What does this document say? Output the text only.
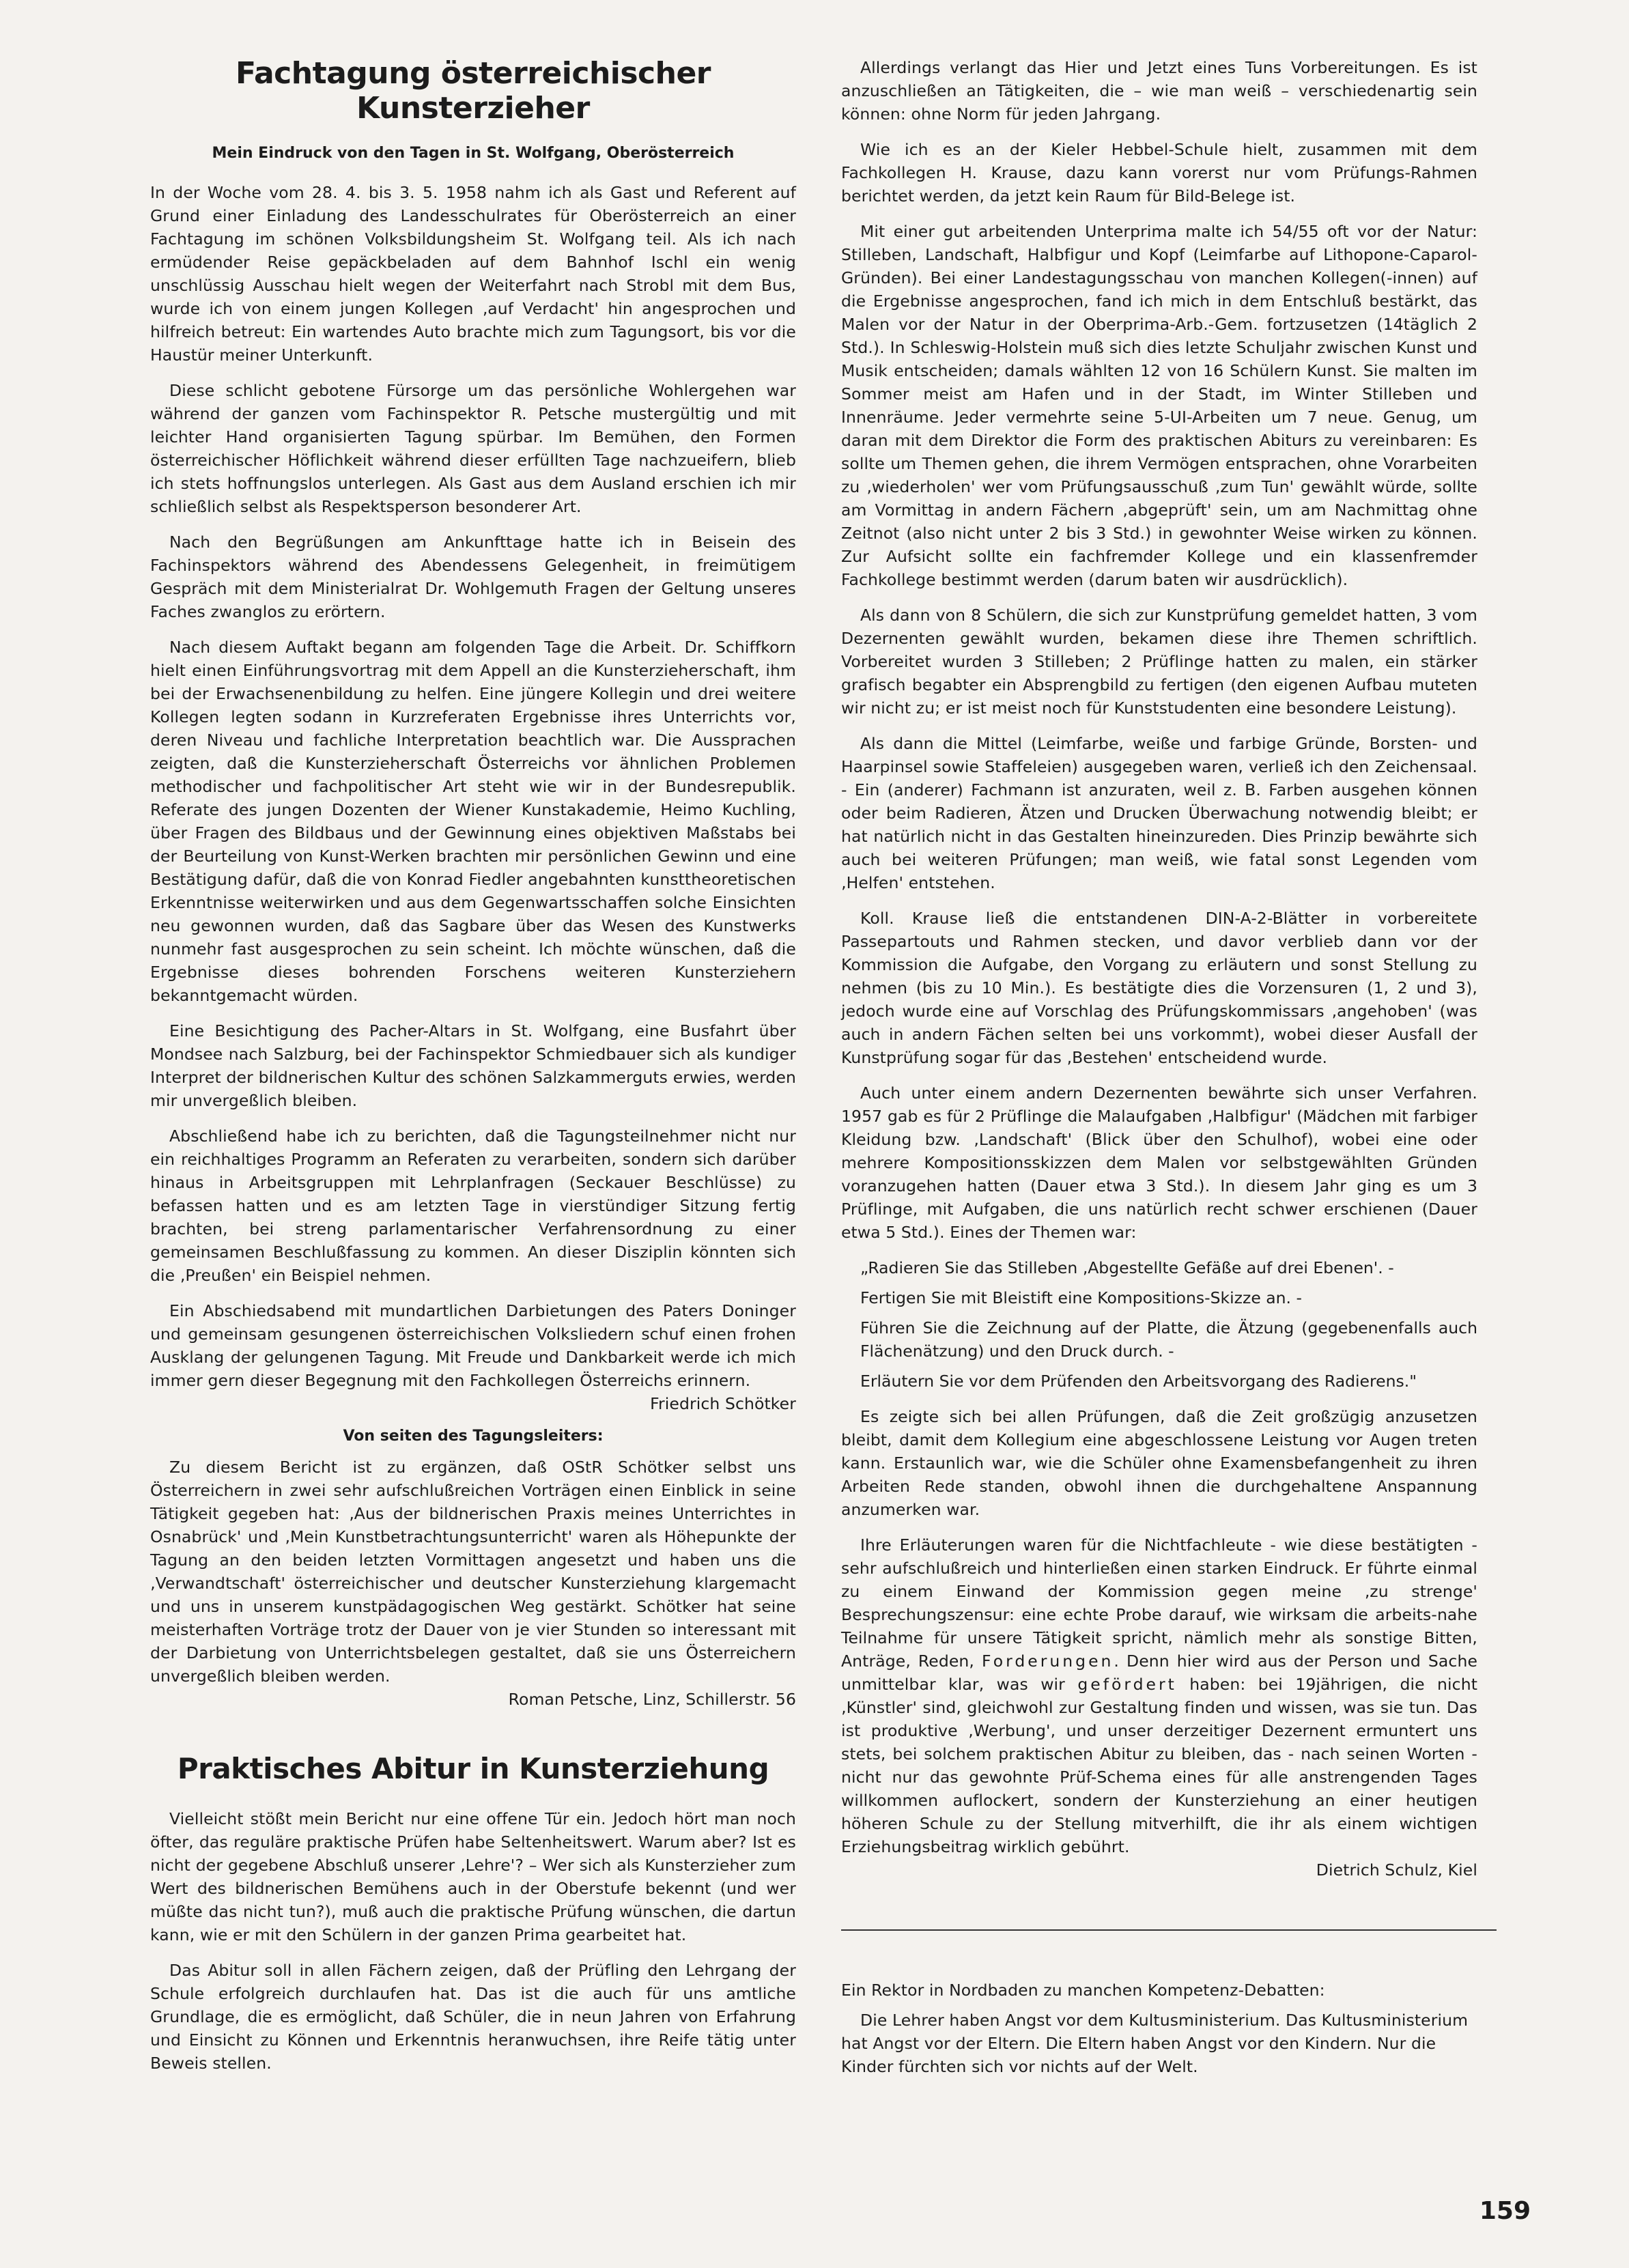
Fachtagung österreichischer Kunsterzieher
Mein Eindruck von den Tagen in St. Wolfgang, Oberösterreich

In der Woche vom 28. 4. bis 3. 5. 1958 nahm ich als Gast und Referent auf Grund einer Einladung des Landesschulrates für Oberösterreich an einer Fachtagung im schönen Volksbildungsheim St. Wolfgang teil. Als ich nach ermüdender Reise gepäckbeladen auf dem Bahnhof Ischl ein wenig unschlüssig Ausschau hielt wegen der Weiterfahrt nach Strobl mit dem Bus, wurde ich von einem jungen Kollegen ‚auf Verdacht' hin angesprochen und hilfreich betreut: Ein wartendes Auto brachte mich zum Tagungsort, bis vor die Haustür meiner Unterkunft.

Diese schlicht gebotene Fürsorge um das persönliche Wohlergehen war während der ganzen vom Fachinspektor R. Petsche mustergültig und mit leichter Hand organisierten Tagung spürbar. Im Bemühen, den Formen österreichischer Höflichkeit während dieser erfüllten Tage nachzueifern, blieb ich stets hoffnungslos unterlegen. Als Gast aus dem Ausland erschien ich mir schließlich selbst als Respektsperson besonderer Art.

Nach den Begrüßungen am Ankunfttage hatte ich in Beisein des Fachinspektors während des Abendessens Gelegenheit, in freimütigem Gespräch mit dem Ministerialrat Dr. Wohlgemuth Fragen der Geltung unseres Faches zwanglos zu erörtern.

Nach diesem Auftakt begann am folgenden Tage die Arbeit. Dr. Schiffkorn hielt einen Einführungsvortrag mit dem Appell an die Kunsterzieherschaft, ihm bei der Erwachsenenbildung zu helfen. Eine jüngere Kollegin und drei weitere Kollegen legten sodann in Kurzreferaten Ergebnisse ihres Unterrichts vor, deren Niveau und fachliche Interpretation beachtlich war. Die Aussprachen zeigten, daß die Kunsterzieherschaft Österreichs vor ähnlichen Problemen methodischer und fachpolitischer Art steht wie wir in der Bundesrepublik. Referate des jungen Dozenten der Wiener Kunstakademie, Heimo Kuchling, über Fragen des Bildbaus und der Gewinnung eines objektiven Maßstabs bei der Beurteilung von Kunst-Werken brachten mir persönlichen Gewinn und eine Bestätigung dafür, daß die von Konrad Fiedler angebahnten kunsttheoretischen Erkenntnisse weiterwirken und aus dem Gegenwartsschaffen solche Einsichten neu gewonnen wurden, daß das Sagbare über das Wesen des Kunstwerks nunmehr fast ausgesprochen zu sein scheint. Ich möchte wünschen, daß die Ergebnisse dieses bohrenden Forschens weiteren Kunsterziehern bekanntgemacht würden.

Eine Besichtigung des Pacher-Altars in St. Wolfgang, eine Busfahrt über Mondsee nach Salzburg, bei der Fachinspektor Schmiedbauer sich als kundiger Interpret der bildnerischen Kultur des schönen Salzkammerguts erwies, werden mir unvergeßlich bleiben.

Abschließend habe ich zu berichten, daß die Tagungsteilnehmer nicht nur ein reichhaltiges Programm an Referaten zu verarbeiten, sondern sich darüber hinaus in Arbeitsgruppen mit Lehrplanfragen (Seckauer Beschlüsse) zu befassen hatten und es am letzten Tage in vierstündiger Sitzung fertig brachten, bei streng parlamentarischer Verfahrensordnung zu einer gemeinsamen Beschlußfassung zu kommen. An dieser Disziplin könnten sich die ‚Preußen' ein Beispiel nehmen.

Ein Abschiedsabend mit mundartlichen Darbietungen des Paters Doninger und gemeinsam gesungenen österreichischen Volksliedern schuf einen frohen Ausklang der gelungenen Tagung. Mit Freude und Dankbarkeit werde ich mich immer gern dieser Begegnung mit den Fachkollegen Österreichs erinnern.

Friedrich Schötker

Von seiten des Tagungsleiters:

Zu diesem Bericht ist zu ergänzen, daß OStR Schötker selbst uns Österreichern in zwei sehr aufschlußreichen Vorträgen einen Einblick in seine Tätigkeit gegeben hat: ‚Aus der bildnerischen Praxis meines Unterrichtes in Osnabrück' und ‚Mein Kunstbetrachtungsunterricht' waren als Höhepunkte der Tagung an den beiden letzten Vormittagen angesetzt und haben uns die ‚Verwandtschaft' österreichischer und deutscher Kunsterziehung klargemacht und uns in unserem kunstpädagogischen Weg gestärkt. Schötker hat seine meisterhaften Vorträge trotz der Dauer von je vier Stunden so interessant mit der Darbietung von Unterrichtsbelegen gestaltet, daß sie uns Österreichern unvergeßlich bleiben werden.

Roman Petsche, Linz, Schillerstr. 56

Praktisches Abitur in Kunsterziehung

Vielleicht stößt mein Bericht nur eine offene Tür ein. Jedoch hört man noch öfter, das reguläre praktische Prüfen habe Seltenheitswert. Warum aber? Ist es nicht der gegebene Abschluß unserer ‚Lehre'? – Wer sich als Kunsterzieher zum Wert des bildnerischen Bemühens auch in der Oberstufe bekennt (und wer müßte das nicht tun?), muß auch die praktische Prüfung wünschen, die dartun kann, wie er mit den Schülern in der ganzen Prima gearbeitet hat.

Das Abitur soll in allen Fächern zeigen, daß der Prüfling den Lehrgang der Schule erfolgreich durchlaufen hat. Das ist die auch für uns amtliche Grundlage, die es ermöglicht, daß Schüler, die in neun Jahren von Erfahrung und Einsicht zu Können und Erkenntnis heranwuchsen, ihre Reife tätig unter Beweis stellen.

Allerdings verlangt das Hier und Jetzt eines Tuns Vorbereitungen. Es ist anzuschließen an Tätigkeiten, die – wie man weiß – verschiedenartig sein können: ohne Norm für jeden Jahrgang.

Wie ich es an der Kieler Hebbel-Schule hielt, zusammen mit dem Fachkollegen H. Krause, dazu kann vorerst nur vom Prüfungs-Rahmen berichtet werden, da jetzt kein Raum für Bild-Belege ist.

Mit einer gut arbeitenden Unterprima malte ich 54/55 oft vor der Natur: Stilleben, Landschaft, Halbfigur und Kopf (Leimfarbe auf Lithopone-Caparol-Gründen). Bei einer Landestagungsschau von manchen Kollegen(-innen) auf die Ergebnisse angesprochen, fand ich mich in dem Entschluß bestärkt, das Malen vor der Natur in der Oberprima-Arb.-Gem. fortzusetzen (14täglich 2 Std.). In Schleswig-Holstein muß sich dies letzte Schuljahr zwischen Kunst und Musik entscheiden; damals wählten 12 von 16 Schülern Kunst. Sie malten im Sommer meist am Hafen und in der Stadt, im Winter Stilleben und Innenräume. Jeder vermehrte seine 5-UI-Arbeiten um 7 neue. Genug, um daran mit dem Direktor die Form des praktischen Abiturs zu vereinbaren: Es sollte um Themen gehen, die ihrem Vermögen entsprachen, ohne Vorarbeiten zu ‚wiederholen' wer vom Prüfungsausschuß ‚zum Tun' gewählt würde, sollte am Vormittag in andern Fächern ‚abgeprüft' sein, um am Nachmittag ohne Zeitnot (also nicht unter 2 bis 3 Std.) in gewohnter Weise wirken zu können. Zur Aufsicht sollte ein fachfremder Kollege und ein klassenfremder Fachkollege bestimmt werden (darum baten wir ausdrücklich).

Als dann von 8 Schülern, die sich zur Kunstprüfung gemeldet hatten, 3 vom Dezernenten gewählt wurden, bekamen diese ihre Themen schriftlich. Vorbereitet wurden 3 Stilleben; 2 Prüflinge hatten zu malen, ein stärker grafisch begabter ein Absprengbild zu fertigen (den eigenen Aufbau muteten wir nicht zu; er ist meist noch für Kunststudenten eine besondere Leistung).

Als dann die Mittel (Leimfarbe, weiße und farbige Gründe, Borsten- und Haarpinsel sowie Staffeleien) ausgegeben waren, verließ ich den Zeichensaal. - Ein (anderer) Fachmann ist anzuraten, weil z. B. Farben ausgehen können oder beim Radieren, Ätzen und Drucken Überwachung notwendig bleibt; er hat natürlich nicht in das Gestalten hineinzureden. Dies Prinzip bewährte sich auch bei weiteren Prüfungen; man weiß, wie fatal sonst Legenden vom ‚Helfen' entstehen.

Koll. Krause ließ die entstandenen DIN-A-2-Blätter in vorbereitete Passepartouts und Rahmen stecken, und davor verblieb dann vor der Kommission die Aufgabe, den Vorgang zu erläutern und sonst Stellung zu nehmen (bis zu 10 Min.). Es bestätigte dies die Vorzensuren (1, 2 und 3), jedoch wurde eine auf Vorschlag des Prüfungskommissars ‚angehoben' (was auch in andern Fächen selten bei uns vorkommt), wobei dieser Ausfall der Kunstprüfung sogar für das ‚Bestehen' entscheidend wurde.

Auch unter einem andern Dezernenten bewährte sich unser Verfahren. 1957 gab es für 2 Prüflinge die Malaufgaben ‚Halbfigur' (Mädchen mit farbiger Kleidung bzw. ‚Landschaft' (Blick über den Schulhof), wobei eine oder mehrere Kompositionsskizzen dem Malen vor selbstgewählten Gründen voranzugehen hatten (Dauer etwa 3 Std.). In diesem Jahr ging es um 3 Prüflinge, mit Aufgaben, die uns natürlich recht schwer erschienen (Dauer etwa 5 Std.). Eines der Themen war:

„Radieren Sie das Stilleben ‚Abgestellte Gefäße auf drei Ebenen'. -
Fertigen Sie mit Bleistift eine Kompositions-Skizze an. -
Führen Sie die Zeichnung auf der Platte, die Ätzung (gegebenenfalls auch Flächenätzung) und den Druck durch. -
Erläutern Sie vor dem Prüfenden den Arbeitsvorgang des Radierens."

Es zeigte sich bei allen Prüfungen, daß die Zeit großzügig anzusetzen bleibt, damit dem Kollegium eine abgeschlossene Leistung vor Augen treten kann. Erstaunlich war, wie die Schüler ohne Examensbefangenheit zu ihren Arbeiten Rede standen, obwohl ihnen die durchgehaltene Anspannung anzumerken war.

Ihre Erläuterungen waren für die Nichtfachleute - wie diese bestätigten - sehr aufschlußreich und hinterließen einen starken Eindruck. Er führte einmal zu einem Einwand der Kommission gegen meine ‚zu strenge' Besprechungszensur: eine echte Probe darauf, wie wirksam die arbeits-nahe Teilnahme für unsere Tätigkeit spricht, nämlich mehr als sonstige Bitten, Anträge, Reden, Forderungen. Denn hier wird aus der Person und Sache unmittelbar klar, was wir gefördert haben: bei 19jährigen, die nicht ‚Künstler' sind, gleichwohl zur Gestaltung finden und wissen, was sie tun. Das ist produktive ‚Werbung', und unser derzeitiger Dezernent ermuntert uns stets, bei solchem praktischen Abitur zu bleiben, das - nach seinen Worten - nicht nur das gewohnte Prüf-Schema eines für alle anstrengenden Tages willkommen auflockert, sondern der Kunsterziehung an einer heutigen höheren Schule zu der Stellung mitverhilft, die ihr als einem wichtigen Erziehungsbeitrag wirklich gebührt.

Dietrich Schulz, Kiel

Ein Rektor in Nordbaden zu manchen Kompetenz-Debatten:

Die Lehrer haben Angst vor dem Kultusministerium. Das Kultusministerium hat Angst vor der Eltern. Die Eltern haben Angst vor den Kindern. Nur die Kinder fürchten sich vor nichts auf der Welt.

159
